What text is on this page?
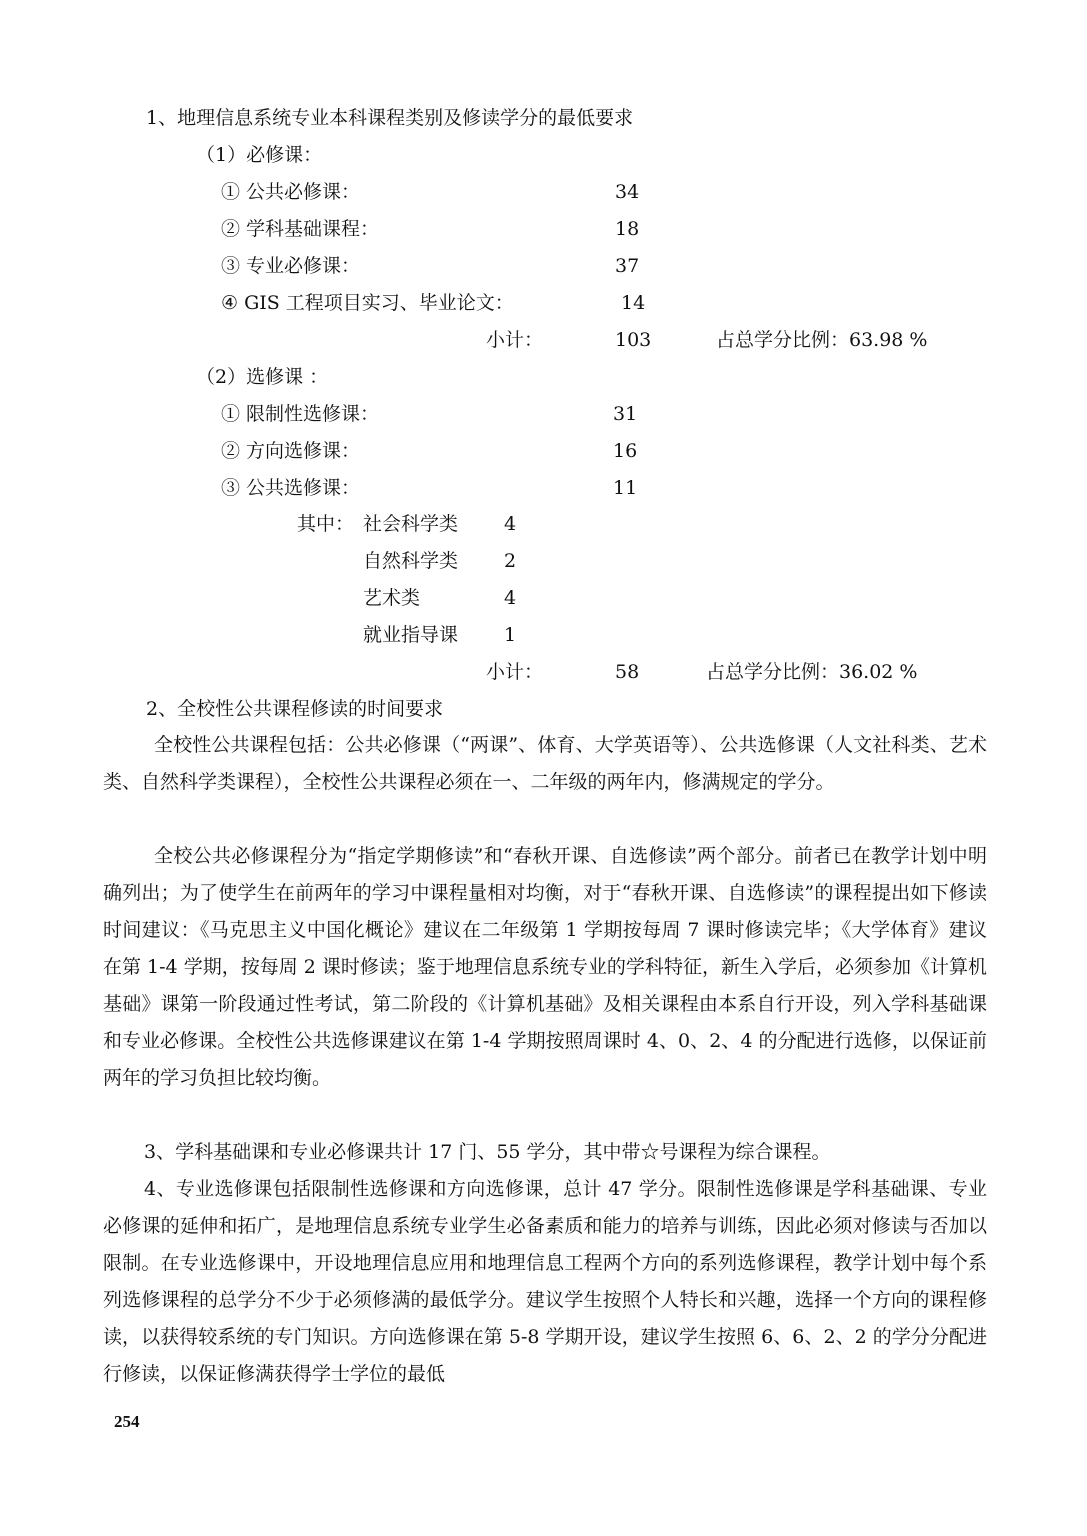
1、地理信息系统专业本科课程类别及修读学分的最低要求
（1）必修课：
① 公共必修课：	34
② 学科基础课程：	18
③ 专业必修课：	37
④ GIS 工程项目实习、毕业论文：	14
小计：	103	占总学分比例：63.98 %
（2）选修课 ：
① 限制性选修课：	31
② 方向选修课：	16
③ 公共选修课：	11
其中： 社会科学类 4
自然科学类 2
艺术类	4
就业指导课 1
小计：	58	占总学分比例：36.02 %
2、全校性公共课程修读的时间要求

全校性公共课程包括：公共必修课（“两课”、体育、大学英语等）、公共选修课（人文社科类、艺术类、自然科学类课程），全校性公共课程必须在一、二年级的两年内，修满规定的学分。

全校公共必修课程分为“指定学期修读”和“春秋开课、自选修读”两个部分。前者已在教学计划中明确列出；为了使学生在前两年的学习中课程量相对均衡，对于“春秋开课、自选修读”的课程提出如下修读时间建议：《马克思主义中国化概论》建议在二年级第 1 学期按每周 7 课时修读完毕；《大学体育》建议在第 1-4 学期，按每周 2 课时修读；鉴于地理信息系统专业的学科特征，新生入学后，必须参加《计算机基础》课第一阶段通过性考试，第二阶段的《计算机基础》及相关课程由本系自行开设，列入学科基础课和专业必修课。全校性公共选修课建议在第 1-4 学期按照周课时 4、0、2、4 的分配进行选修，以保证前两年的学习负担比较均衡。

3、学科基础课和专业必修课共计 17 门、55 学分，其中带☆号课程为综合课程。

4、专业选修课包括限制性选修课和方向选修课，总计 47 学分。限制性选修课是学科基础课、专业必修课的延伸和拓广，是地理信息系统专业学生必备素质和能力的培养与训练，因此必须对修读与否加以限制。在专业选修课中，开设地理信息应用和地理信息工程两个方向的系列选修课程，教学计划中每个系列选修课程的总学分不少于必须修满的最低学分。建议学生按照个人特长和兴趣，选择一个方向的课程修读，以获得较系统的专门知识。方向选修课在第 5-8 学期开设，建议学生按照 6、6、2、2 的学分分配进行修读，以保证修满获得学士学位的最低

254
